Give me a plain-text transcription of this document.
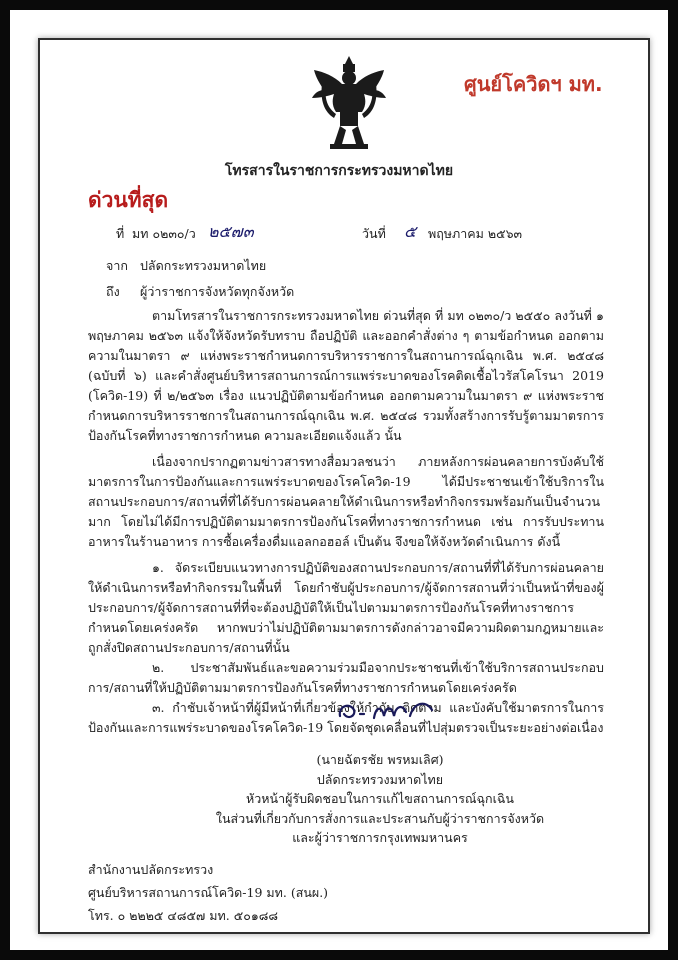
ศูนย์โควิดฯ มท.
โทรสารในราชการกระทรวงมหาดไทย
ด่วนที่สุด
ที่ มท ๐๒๓๐/ว ๒๕๗๓	วันที่ ๕ พฤษภาคม ๒๕๖๓
จาก ปลัดกระทรวงมหาดไทย
ถึง ผู้ว่าราชการจังหวัดทุกจังหวัด

ตามโทรสารในราชการกระทรวงมหาดไทย ด่วนที่สุด ที่ มท ๐๒๓๐/ว ๒๕๕๐ ลงวันที่ ๑ พฤษภาคม ๒๕๖๓ แจ้งให้จังหวัดรับทราบ ถือปฏิบัติ และออกคำสั่งต่าง ๆ ตามข้อกำหนด ออกตามความในมาตรา ๙ แห่งพระราชกำหนดการบริหารราชการในสถานการณ์ฉุกเฉิน พ.ศ. ๒๕๔๘ (ฉบับที่ ๖) และคำสั่งศูนย์บริหารสถานการณ์การแพร่ระบาดของโรคติดเชื้อไวรัสโคโรนา 2019 (โควิด-19) ที่ ๒/๒๕๖๓ เรื่อง แนวปฏิบัติตามข้อกำหนด ออกตามความในมาตรา ๙ แห่งพระราชกำหนดการบริหารราชการในสถานการณ์ฉุกเฉิน พ.ศ. ๒๕๔๘ รวมทั้งสร้างการรับรู้ตามมาตรการป้องกันโรคที่ทางราชการกำหนด ความละเอียดแจ้งแล้ว นั้น

เนื่องจากปรากฏตามข่าวสารทางสื่อมวลชนว่า ภายหลังการผ่อนคลายการบังคับใช้มาตรการในการป้องกันและการแพร่ระบาดของโรคโควิด-19 ได้มีประชาชนเข้าใช้บริการในสถานประกอบการ/สถานที่ที่ได้รับการผ่อนคลายให้ดำเนินการหรือทำกิจกรรมพร้อมกันเป็นจำนวนมาก โดยไม่ได้มีการปฏิบัติตามมาตรการป้องกันโรคที่ทางราชการกำหนด เช่น การรับประทานอาหารในร้านอาหาร การซื้อเครื่องดื่มแอลกอฮอล์ เป็นต้น จึงขอให้จังหวัดดำเนินการ ดังนี้

๑. จัดระเบียบแนวทางการปฏิบัติของสถานประกอบการ/สถานที่ที่ได้รับการผ่อนคลายให้ดำเนินการหรือทำกิจกรรมในพื้นที่ โดยกำชับผู้ประกอบการ/ผู้จัดการสถานที่ว่าเป็นหน้าที่ของผู้ประกอบการ/ผู้จัดการสถานที่ที่จะต้องปฏิบัติให้เป็นไปตามมาตรการป้องกันโรคที่ทางราชการกำหนดโดยเคร่งครัด หากพบว่าไม่ปฏิบัติตามมาตรการดังกล่าวอาจมีความผิดตามกฎหมายและถูกสั่งปิดสถานประกอบการ/สถานที่นั้น

๒. ประชาสัมพันธ์และขอความร่วมมือจากประชาชนที่เข้าใช้บริการสถานประกอบการ/สถานที่ให้ปฏิบัติตามมาตรการป้องกันโรคที่ทางราชการกำหนดโดยเคร่งครัด

๓. กำชับเจ้าหน้าที่ผู้มีหน้าที่เกี่ยวข้องให้กำกับ ติดตาม และบังคับใช้มาตรการในการป้องกันและการแพร่ระบาดของโรคโควิด-19 โดยจัดชุดเคลื่อนที่ไปสุ่มตรวจเป็นระยะอย่างต่อเนื่อง

(นายฉัตรชัย พรหมเลิศ)
ปลัดกระทรวงมหาดไทย
หัวหน้าผู้รับผิดชอบในการแก้ไขสถานการณ์ฉุกเฉิน
ในส่วนที่เกี่ยวกับการสั่งการและประสานกับผู้ว่าราชการจังหวัด
และผู้ว่าราชการกรุงเทพมหานคร
สำนักงานปลัดกระทรวง
ศูนย์บริหารสถานการณ์โควิด-19 มท. (สนผ.)
โทร. ๐ ๒๒๒๕ ๔๘๕๗ มท. ๕๐๑๘๘
